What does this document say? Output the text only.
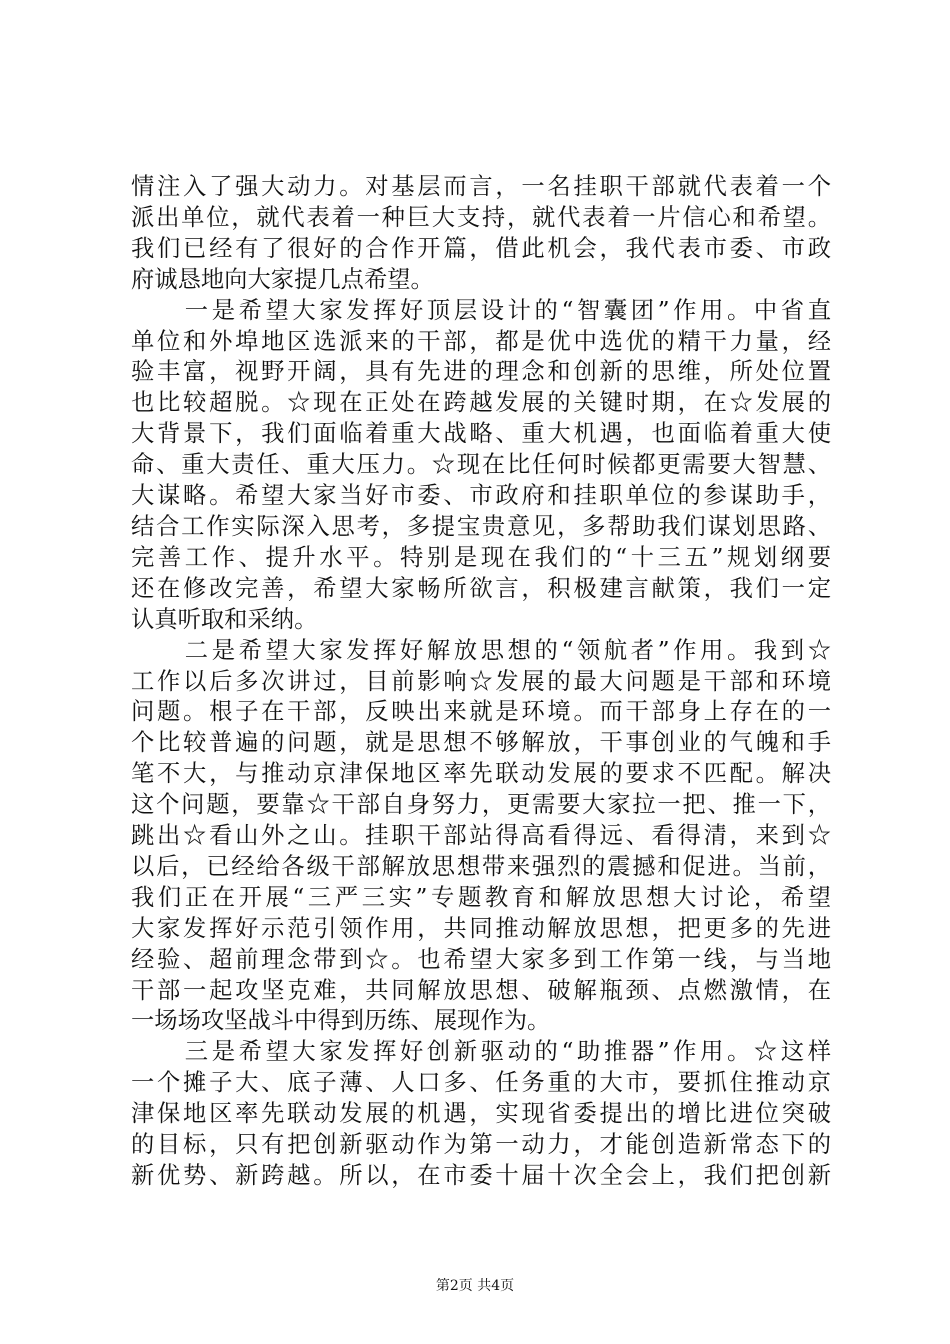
情注入了强大动力。对基层而言，一名挂职干部就代表着一个
派出单位，就代表着一种巨大支持，就代表着一片信心和希望。
我们已经有了很好的合作开篇，借此机会，我代表市委、市政
府诚恳地向大家提几点希望。
　　一是希望大家发挥好顶层设计的“智囊团”作用。中省直
单位和外埠地区选派来的干部，都是优中选优的精干力量，经
验丰富，视野开阔，具有先进的理念和创新的思维，所处位置
也比较超脱。☆现在正处在跨越发展的关键时期，在☆发展的
大背景下，我们面临着重大战略、重大机遇，也面临着重大使
命、重大责任、重大压力。☆现在比任何时候都更需要大智慧、
大谋略。希望大家当好市委、市政府和挂职单位的参谋助手，
结合工作实际深入思考，多提宝贵意见，多帮助我们谋划思路、
完善工作、提升水平。特别是现在我们的“十三五”规划纲要
还在修改完善，希望大家畅所欲言，积极建言献策，我们一定
认真听取和采纳。
　　二是希望大家发挥好解放思想的“领航者”作用。我到☆
工作以后多次讲过，目前影响☆发展的最大问题是干部和环境
问题。根子在干部，反映出来就是环境。而干部身上存在的一
个比较普遍的问题，就是思想不够解放，干事创业的气魄和手
笔不大，与推动京津保地区率先联动发展的要求不匹配。解决
这个问题，要靠☆干部自身努力，更需要大家拉一把、推一下，
跳出☆看山外之山。挂职干部站得高看得远、看得清，来到☆
以后，已经给各级干部解放思想带来强烈的震撼和促进。当前，
我们正在开展“三严三实”专题教育和解放思想大讨论，希望
大家发挥好示范引领作用，共同推动解放思想，把更多的先进
经验、超前理念带到☆。也希望大家多到工作第一线，与当地
干部一起攻坚克难，共同解放思想、破解瓶颈、点燃激情，在
一场场攻坚战斗中得到历练、展现作为。
　　三是希望大家发挥好创新驱动的“助推器”作用。☆这样
一个摊子大、底子薄、人口多、任务重的大市，要抓住推动京
津保地区率先联动发展的机遇，实现省委提出的增比进位突破
的目标，只有把创新驱动作为第一动力，才能创造新常态下的
新优势、新跨越。所以，在市委十届十次全会上，我们把创新
第2页 共4页
